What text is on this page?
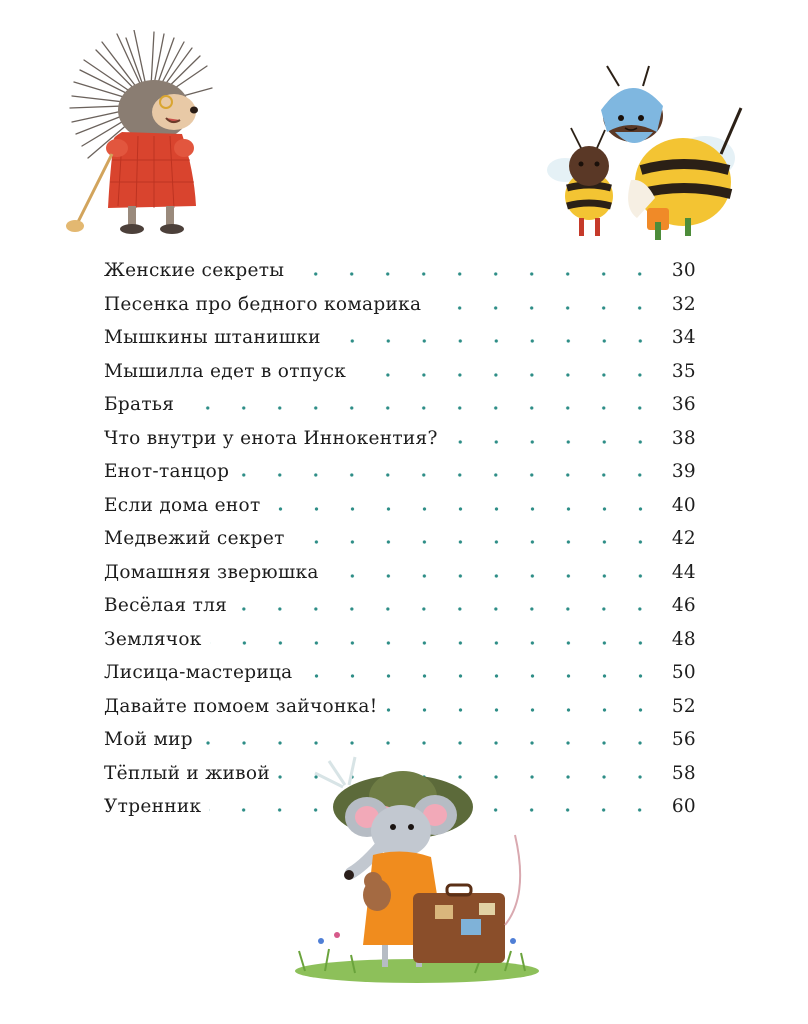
Женские секреты	30
Песенка про бедного комарика	32
Мышкины штанишки	34
Мышилла едет в отпуск	35
Братья	36
Что внутри у енота Иннокентия?	38
Енот-танцор	39
Если дома енот	40
Медвежий секрет	42
Домашняя зверюшка	44
Весёлая тля	46
Землячок	48
Лисица-мастерица	50
Давайте помоем зайчонка!	52
Мой мир	56
Тёплый и живой	58
Утренник	60
